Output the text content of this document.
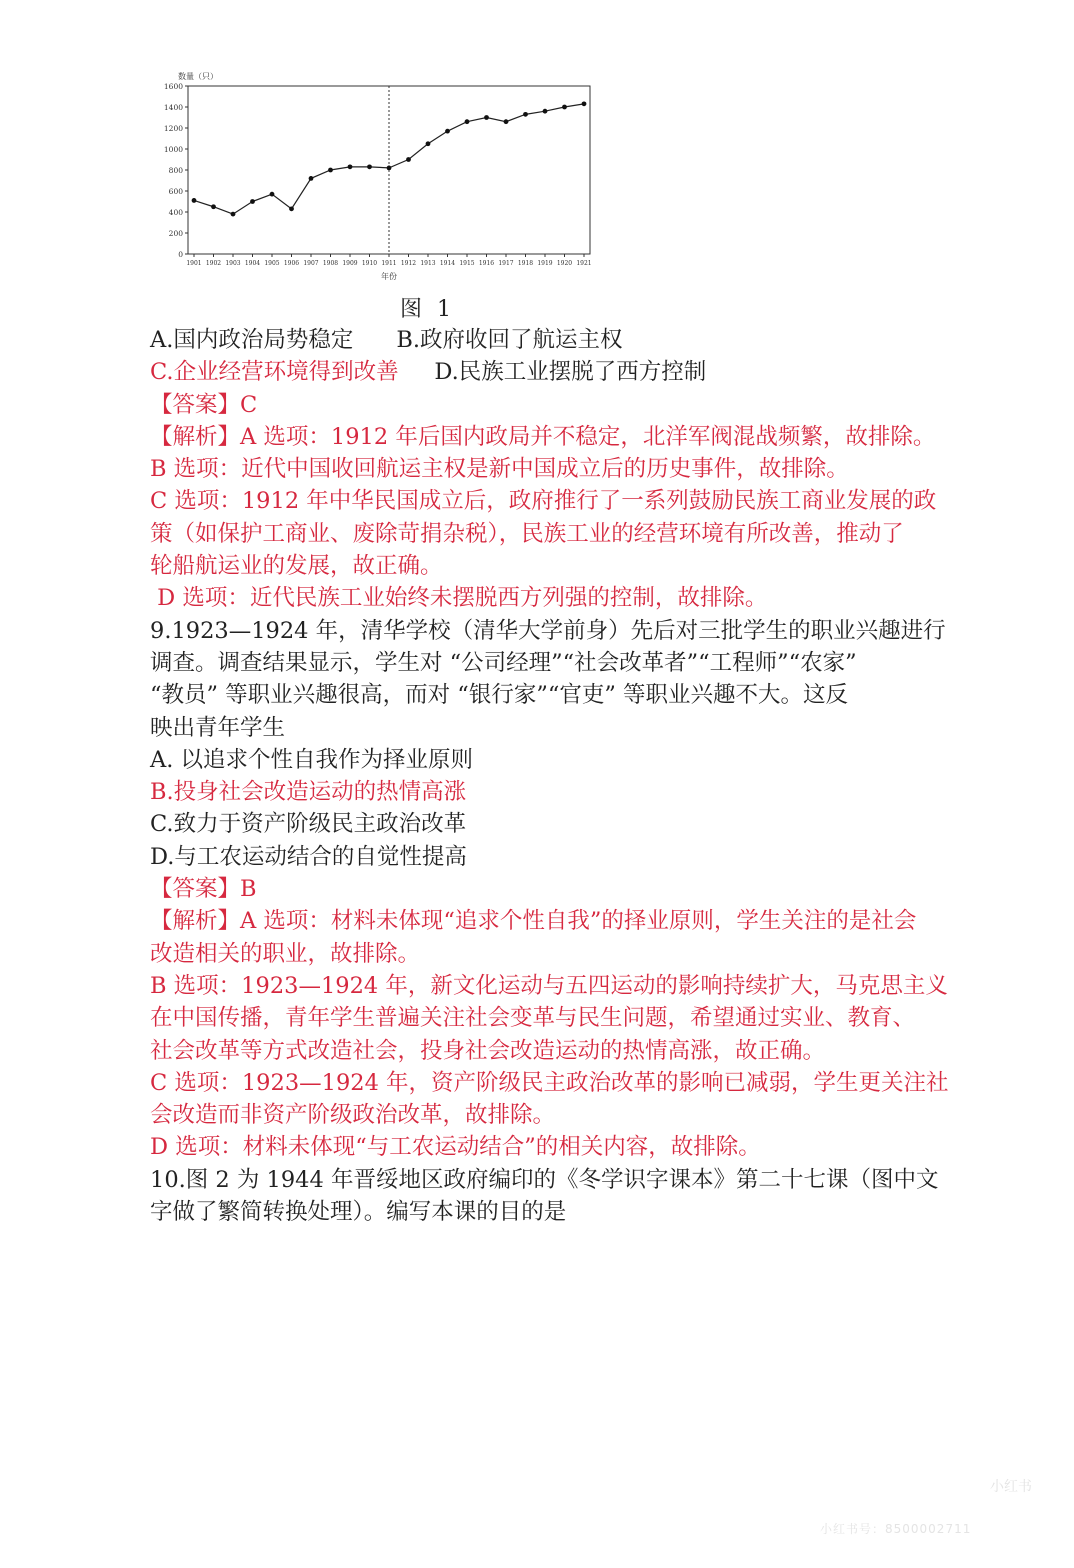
0
200
400
600
800
1000
1200
1400
1600
1901 1902 1903 1904 1905 1906 1907 1908 1909 1910 1911 1912 1913 1914 1915 1916 1917 1918 1919 1920 1921
数量（只）
年份
图 1

A.国内政治局势稳定      B.政府收回了航运主权

C.企业经营环境得到改善     D.民族工业摆脱了西方控制

【答案】C

【解析】A 选项：1912 年后国内政局并不稳定，北洋军阀混战频繁，故排除。

B 选项：近代中国收回航运主权是新中国成立后的历史事件，故排除。

C 选项：1912 年中华民国成立后，政府推行了一系列鼓励民族工商业发展的政

策（如保护工商业、废除苛捐杂税），民族工业的经营环境有所改善，推动了

轮船航运业的发展，故正确。

D 选项：近代民族工业始终未摆脱西方列强的控制，故排除。

9.1923—1924 年，清华学校（清华大学前身）先后对三批学生的职业兴趣进行

调查。调查结果显示，学生对 “公司经理”“社会改革者”“工程师”“农家”

“教员” 等职业兴趣很高，而对 “银行家”“官吏” 等职业兴趣不大。这反

映出青年学生

A. 以追求个性自我作为择业原则

B.投身社会改造运动的热情高涨

C.致力于资产阶级民主政治改革

D.与工农运动结合的自觉性提高

【答案】B

【解析】A 选项：材料未体现“追求个性自我”的择业原则，学生关注的是社会

改造相关的职业，故排除。

B 选项：1923—1924 年，新文化运动与五四运动的影响持续扩大，马克思主义

在中国传播，青年学生普遍关注社会变革与民生问题，希望通过实业、教育、

社会改革等方式改造社会，投身社会改造运动的热情高涨，故正确。

C 选项：1923—1924 年，资产阶级民主政治改革的影响已减弱，学生更关注社

会改造而非资产阶级政治改革，故排除。

D 选项：材料未体现“与工农运动结合”的相关内容，故排除。

10.图 2 为 1944 年晋绥地区政府编印的《冬学识字课本》第二十七课（图中文

字做了繁简转换处理）。编写本课的目的是

小红书
小红书号：8500002711
